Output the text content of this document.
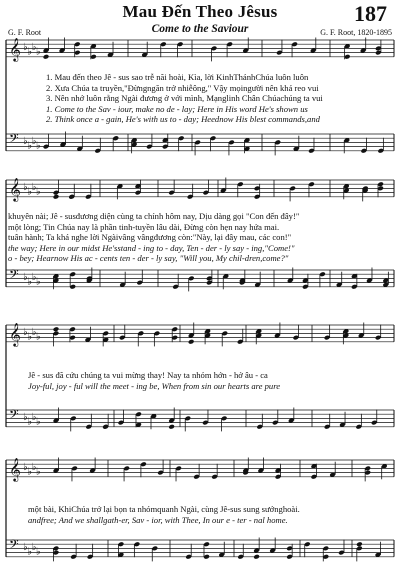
Mau Đến Theo Jêsus	187
Come to the Saviour
G. F. Root	G. F. Root, 1820-1895
𝄞 ♭ ♭ ♭ ♭
𝄢 ♭ ♭ ♭ ♭
𝄞 ♭ ♭ ♭ ♭
𝄢 ♭ ♭ ♭ ♭
𝄞 ♭ ♭ ♭ ♭
𝄢 ♭ ♭ ♭ ♭
𝄞 ♭ ♭ ♭ ♭
𝄢 ♭ ♭ ♭ ♭
1. Mau đến theo Jê - sus sao trễ nãi hoài, Kìa, lời KinhThánhChúa luôn luôn
2. Xưa Chúa ta truyền,"Đừngngăn trở nhiễông," Vậy mọingười nên khá reo vui
3. Nên nhớ luôn rằng Ngài đương ở với mình, Mạnglinh Chân Chúachúng ta vui
1. Come to the Sav - iour, make no de - lay; Here in His word He's shown us
2. Think once a - gain, He's with us to - day; Heednow His blest commands,and
khuyên nài; Jê - susđương diện cùng ta chính hôm nay, Dịu dàng gọi "Con đến đây!"
một lòng; Tin Chúa nay là phần tinh-tuyền lâu dài, Đừng còn hẹn nay hứa mai.
tuân hành; Ta khá nghe lời Ngàivâng vângđương còn:"Này, lại đây mau, các con!"
the way; Here in our midst He'sstand - ing to - day, Ten - der - ly say - ing,"Come!"
o - bey; Hearnow His ac - cents ten - der - ly say, "Will you, My chil-dren,come?"
Jê - sus đã cứu chúng ta vui mừng thay! Nay ta nhóm hớn - hở âu - ca
Joy-ful, joy - ful will the meet - ing be, When from sin our hearts are pure
một bài, KhiChúa trở lại bọn ta nhómquanh Ngài, cùng Jê-sus sung sướnghoài.
andfree; And we shallgath-er, Sav - ior, with Thee, In our e - ter - nal home.
